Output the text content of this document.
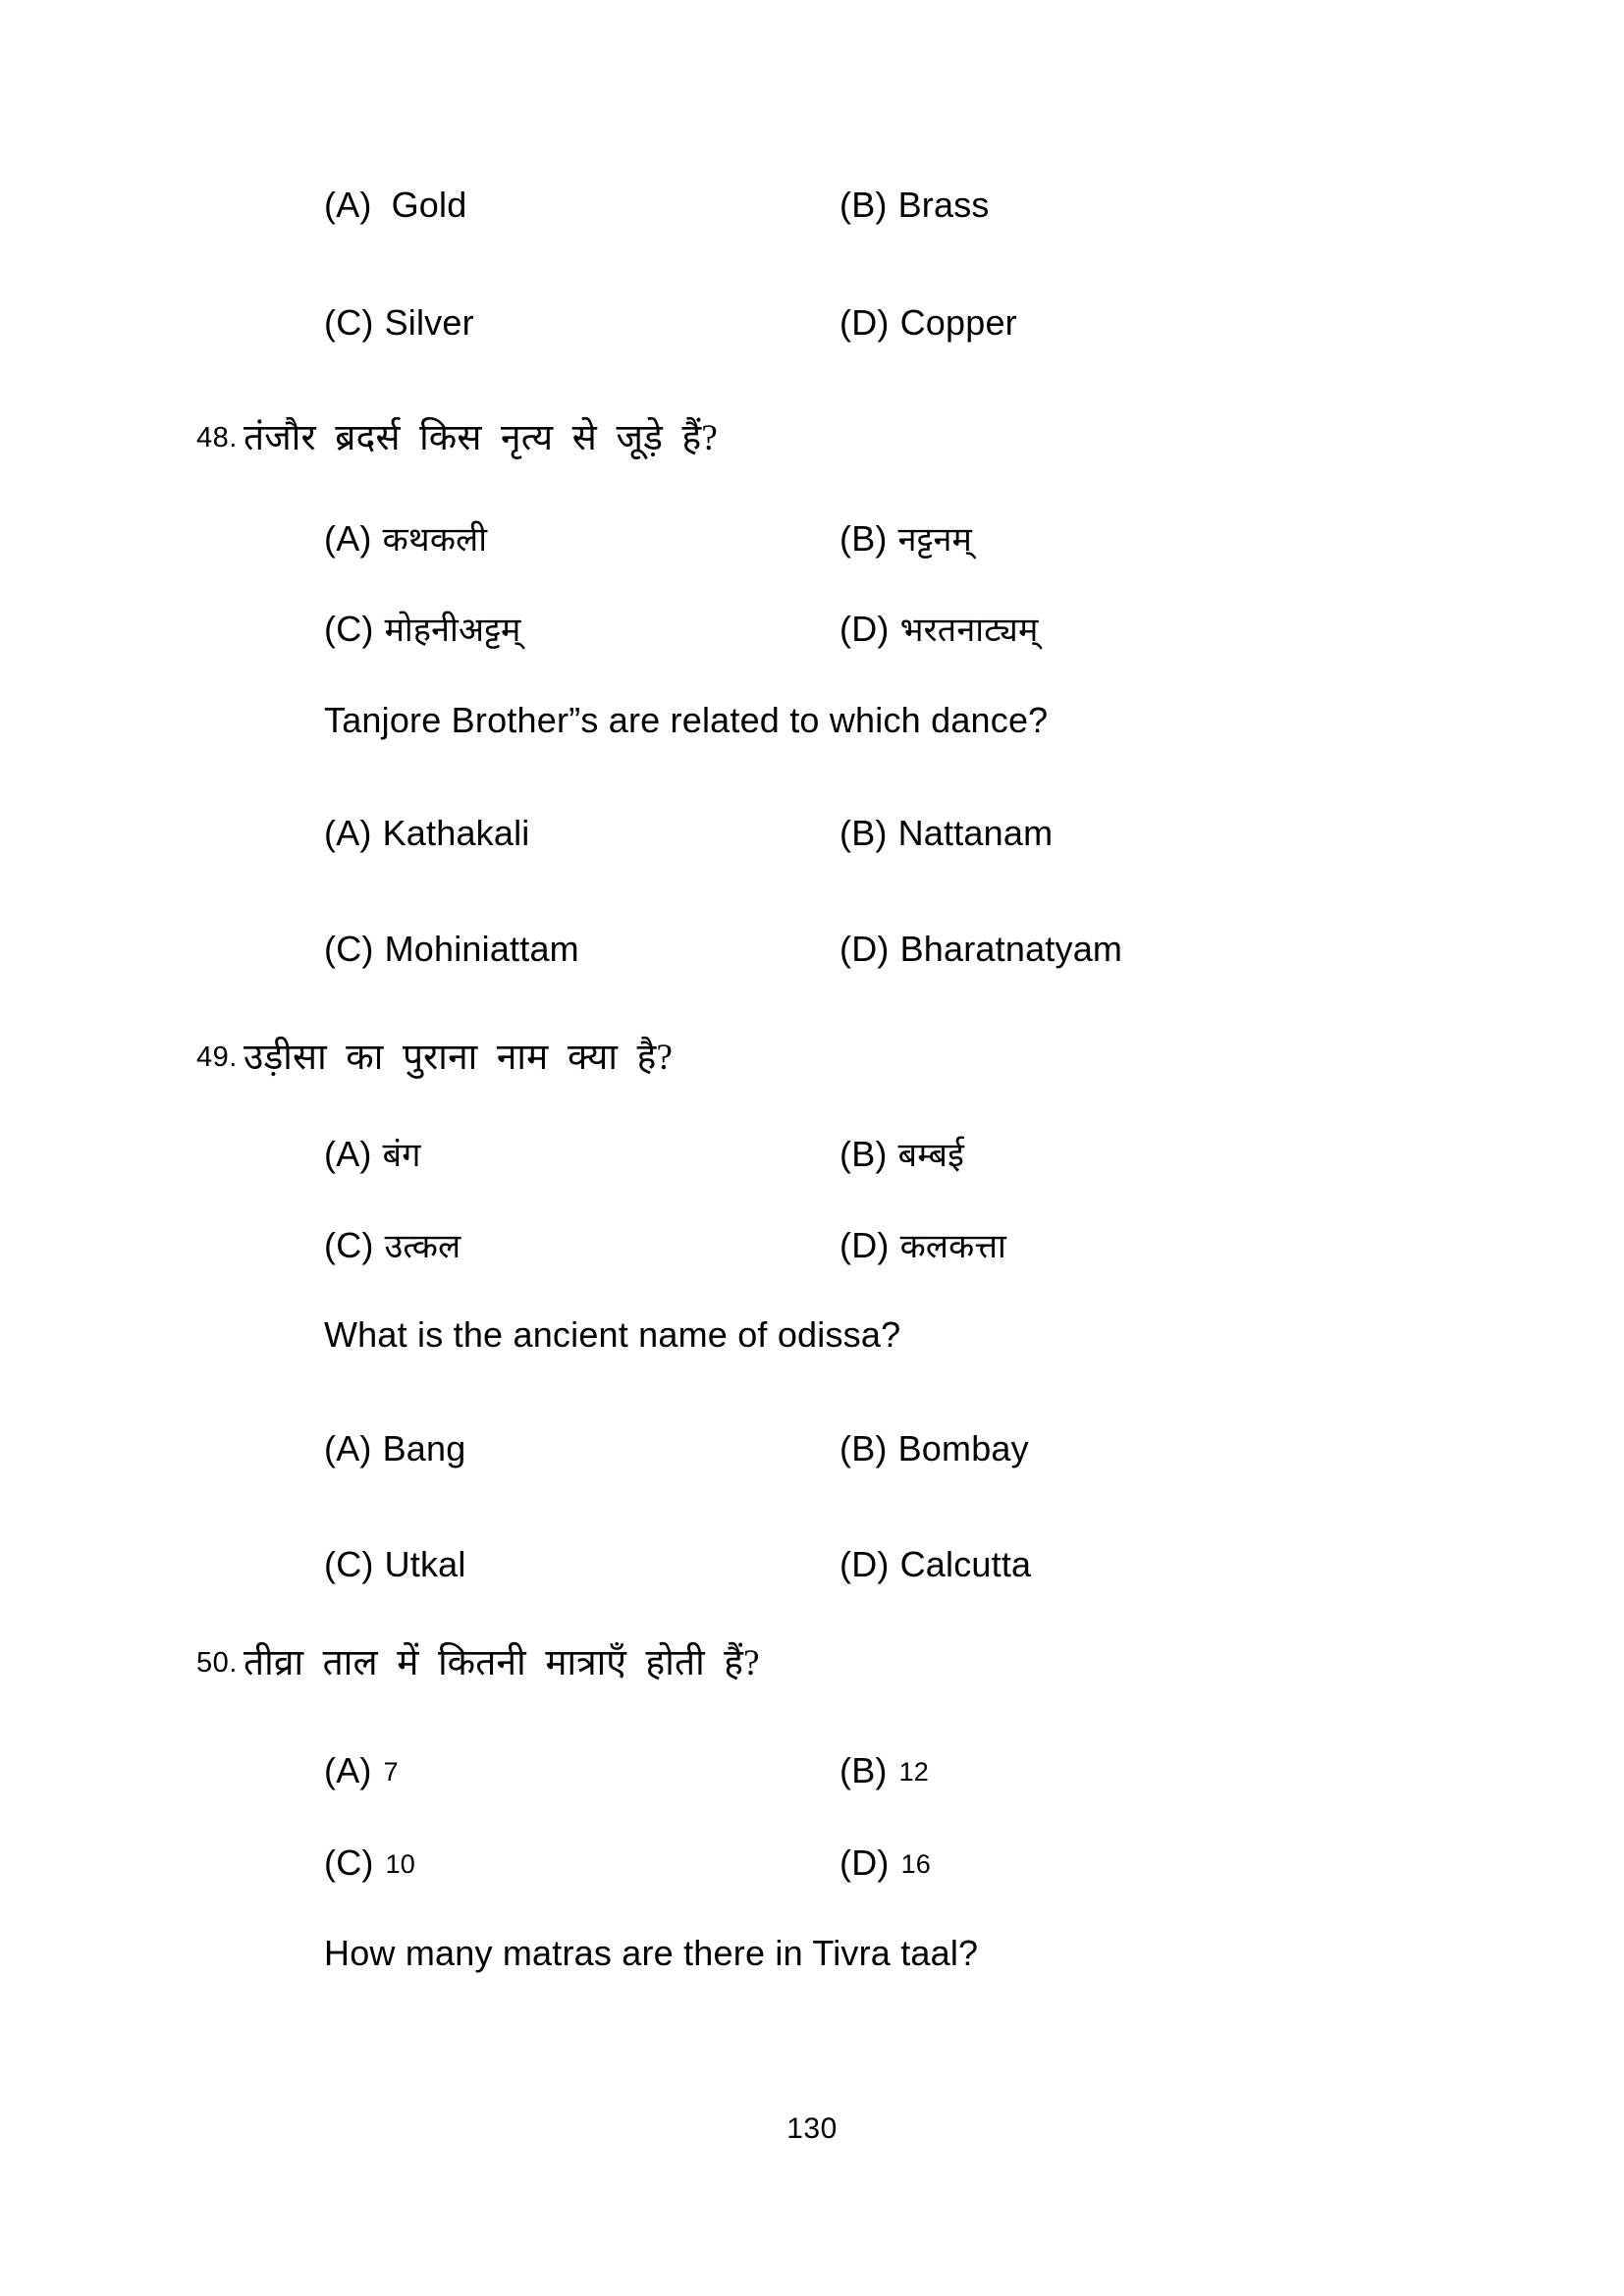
(A) Gold	(B) Brass
(C) Silver	(D) Copper
48. तंजौर ब्रदर्स किस नृत्य से जूड़े हैं?
(A) कथकली	(B) नट्टनम्
(C) मोहनीअट्टम्	(D) भरतनाट्यम्
Tanjore Brother”s are related to which dance?
(A) Kathakali	(B) Nattanam
(C) Mohiniattam	(D) Bharatnatyam
49. उड़ीसा का पुराना नाम क्या है?
(A) बंग	(B) बम्बई
(C) उत्कल	(D) कलकत्ता
What is the ancient name of odissa?
(A) Bang	(B) Bombay
(C) Utkal	(D) Calcutta
50. तीव्रा ताल में कितनी मात्राएँ होती हैं?
(A) 7	(B) 12
(C) 10	(D) 16
How many matras are there in Tivra taal?
130
